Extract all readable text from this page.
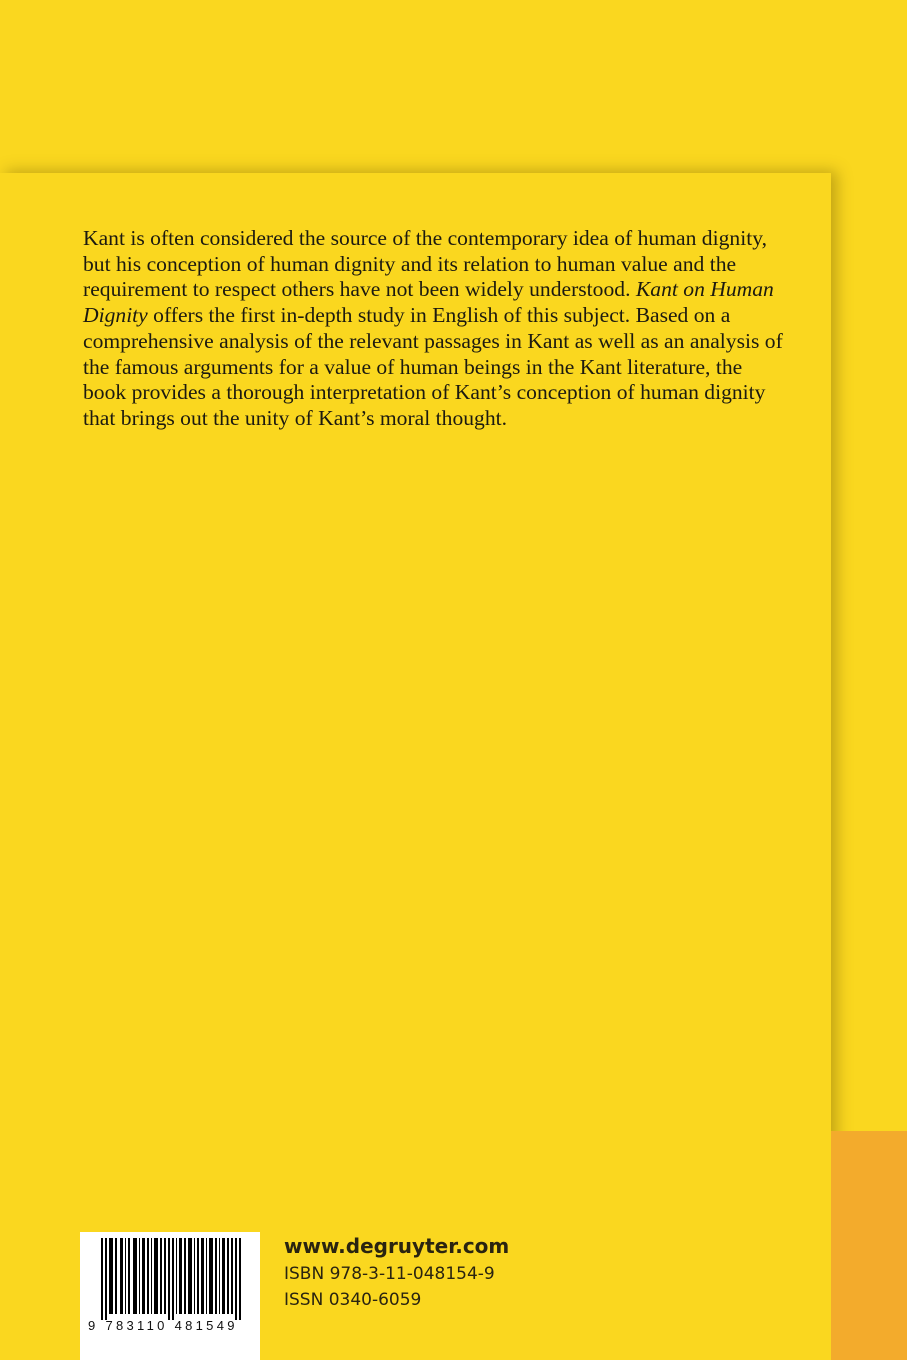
Kant is often considered the source of the contemporary idea of human dignity, but his conception of human dignity and its relation to human value and the requirement to respect others have not been widely understood. Kant on Human Dignity offers the first in-depth study in English of this subject. Based on a comprehensive analysis of the relevant passages in Kant as well as an analysis of the famous arguments for a value of human beings in the Kant literature, the book provides a thorough interpretation of Kant’s conception of human dignity that brings out the unity of Kant’s moral thought.

9 783110 481549

www.degruyter.com

ISBN 978-3-11-048154-9

ISSN 0340-6059
